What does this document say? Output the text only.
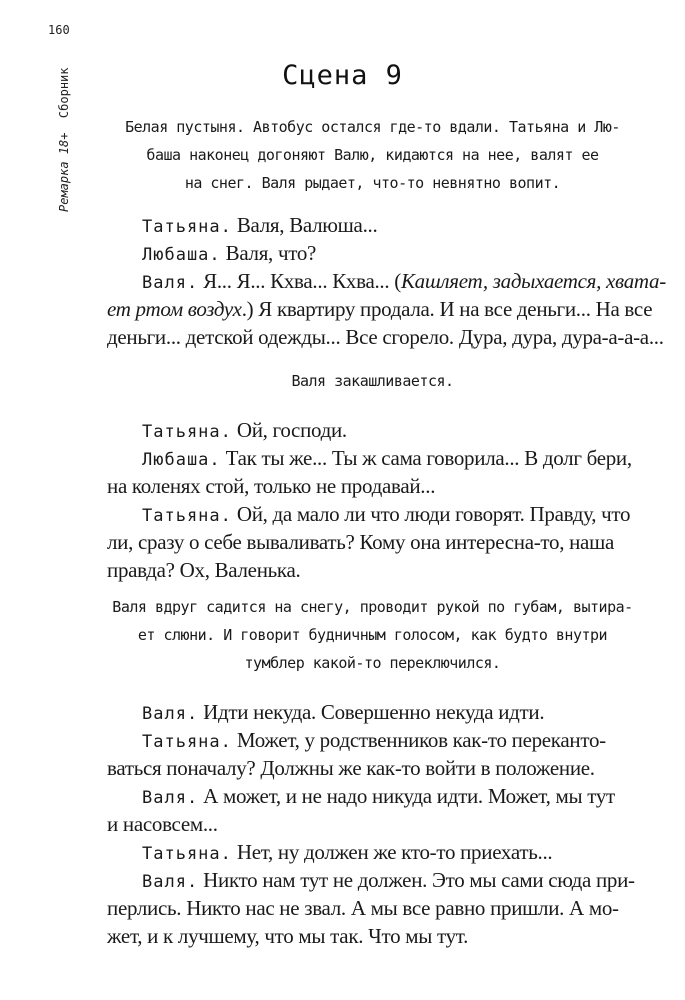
160
Ремарка 18+  Сборник	Сцена 9
Белая пустыня. Автобус остался где-то вдали. Татьяна и Лю-
баша наконец догоняют Валю, кидаются на нее, валят ее
на снег. Валя рыдает, что-то невнятно вопит.
Татьяна. Валя, Валюша...
Любаша. Валя, что?
Валя. Я... Я... Кхва... Кхва... (Кашляет, задыхается, хвата-
ет ртом воздух.) Я квартиру продала. И на все деньги... На все
деньги... детской одежды... Все сгорело. Дура, дура, дура-а-а-а...
Валя закашливается.
Татьяна. Ой, господи.
Любаша. Так ты же... Ты ж сама говорила... В долг бери,
на коленях стой, только не продавай...
Татьяна. Ой, да мало ли что люди говорят. Правду, что
ли, сразу о себе вываливать? Кому она интересна-то, наша
правда? Ох, Валенька.
Валя вдруг садится на снегу, проводит рукой по губам, вытира-
ет слюни. И говорит будничным голосом, как будто внутри
тумблер какой-то переключился.
Валя. Идти некуда. Совершенно некуда идти.
Татьяна. Может, у родственников как-то переканто-
ваться поначалу? Должны же как-то войти в положение.
Валя. А может, и не надо никуда идти. Может, мы тут
и насовсем...
Татьяна. Нет, ну должен же кто-то приехать...
Валя. Никто нам тут не должен. Это мы сами сюда при-
перлись. Никто нас не звал. А мы все равно пришли. А мо-
жет, и к лучшему, что мы так. Что мы тут.
